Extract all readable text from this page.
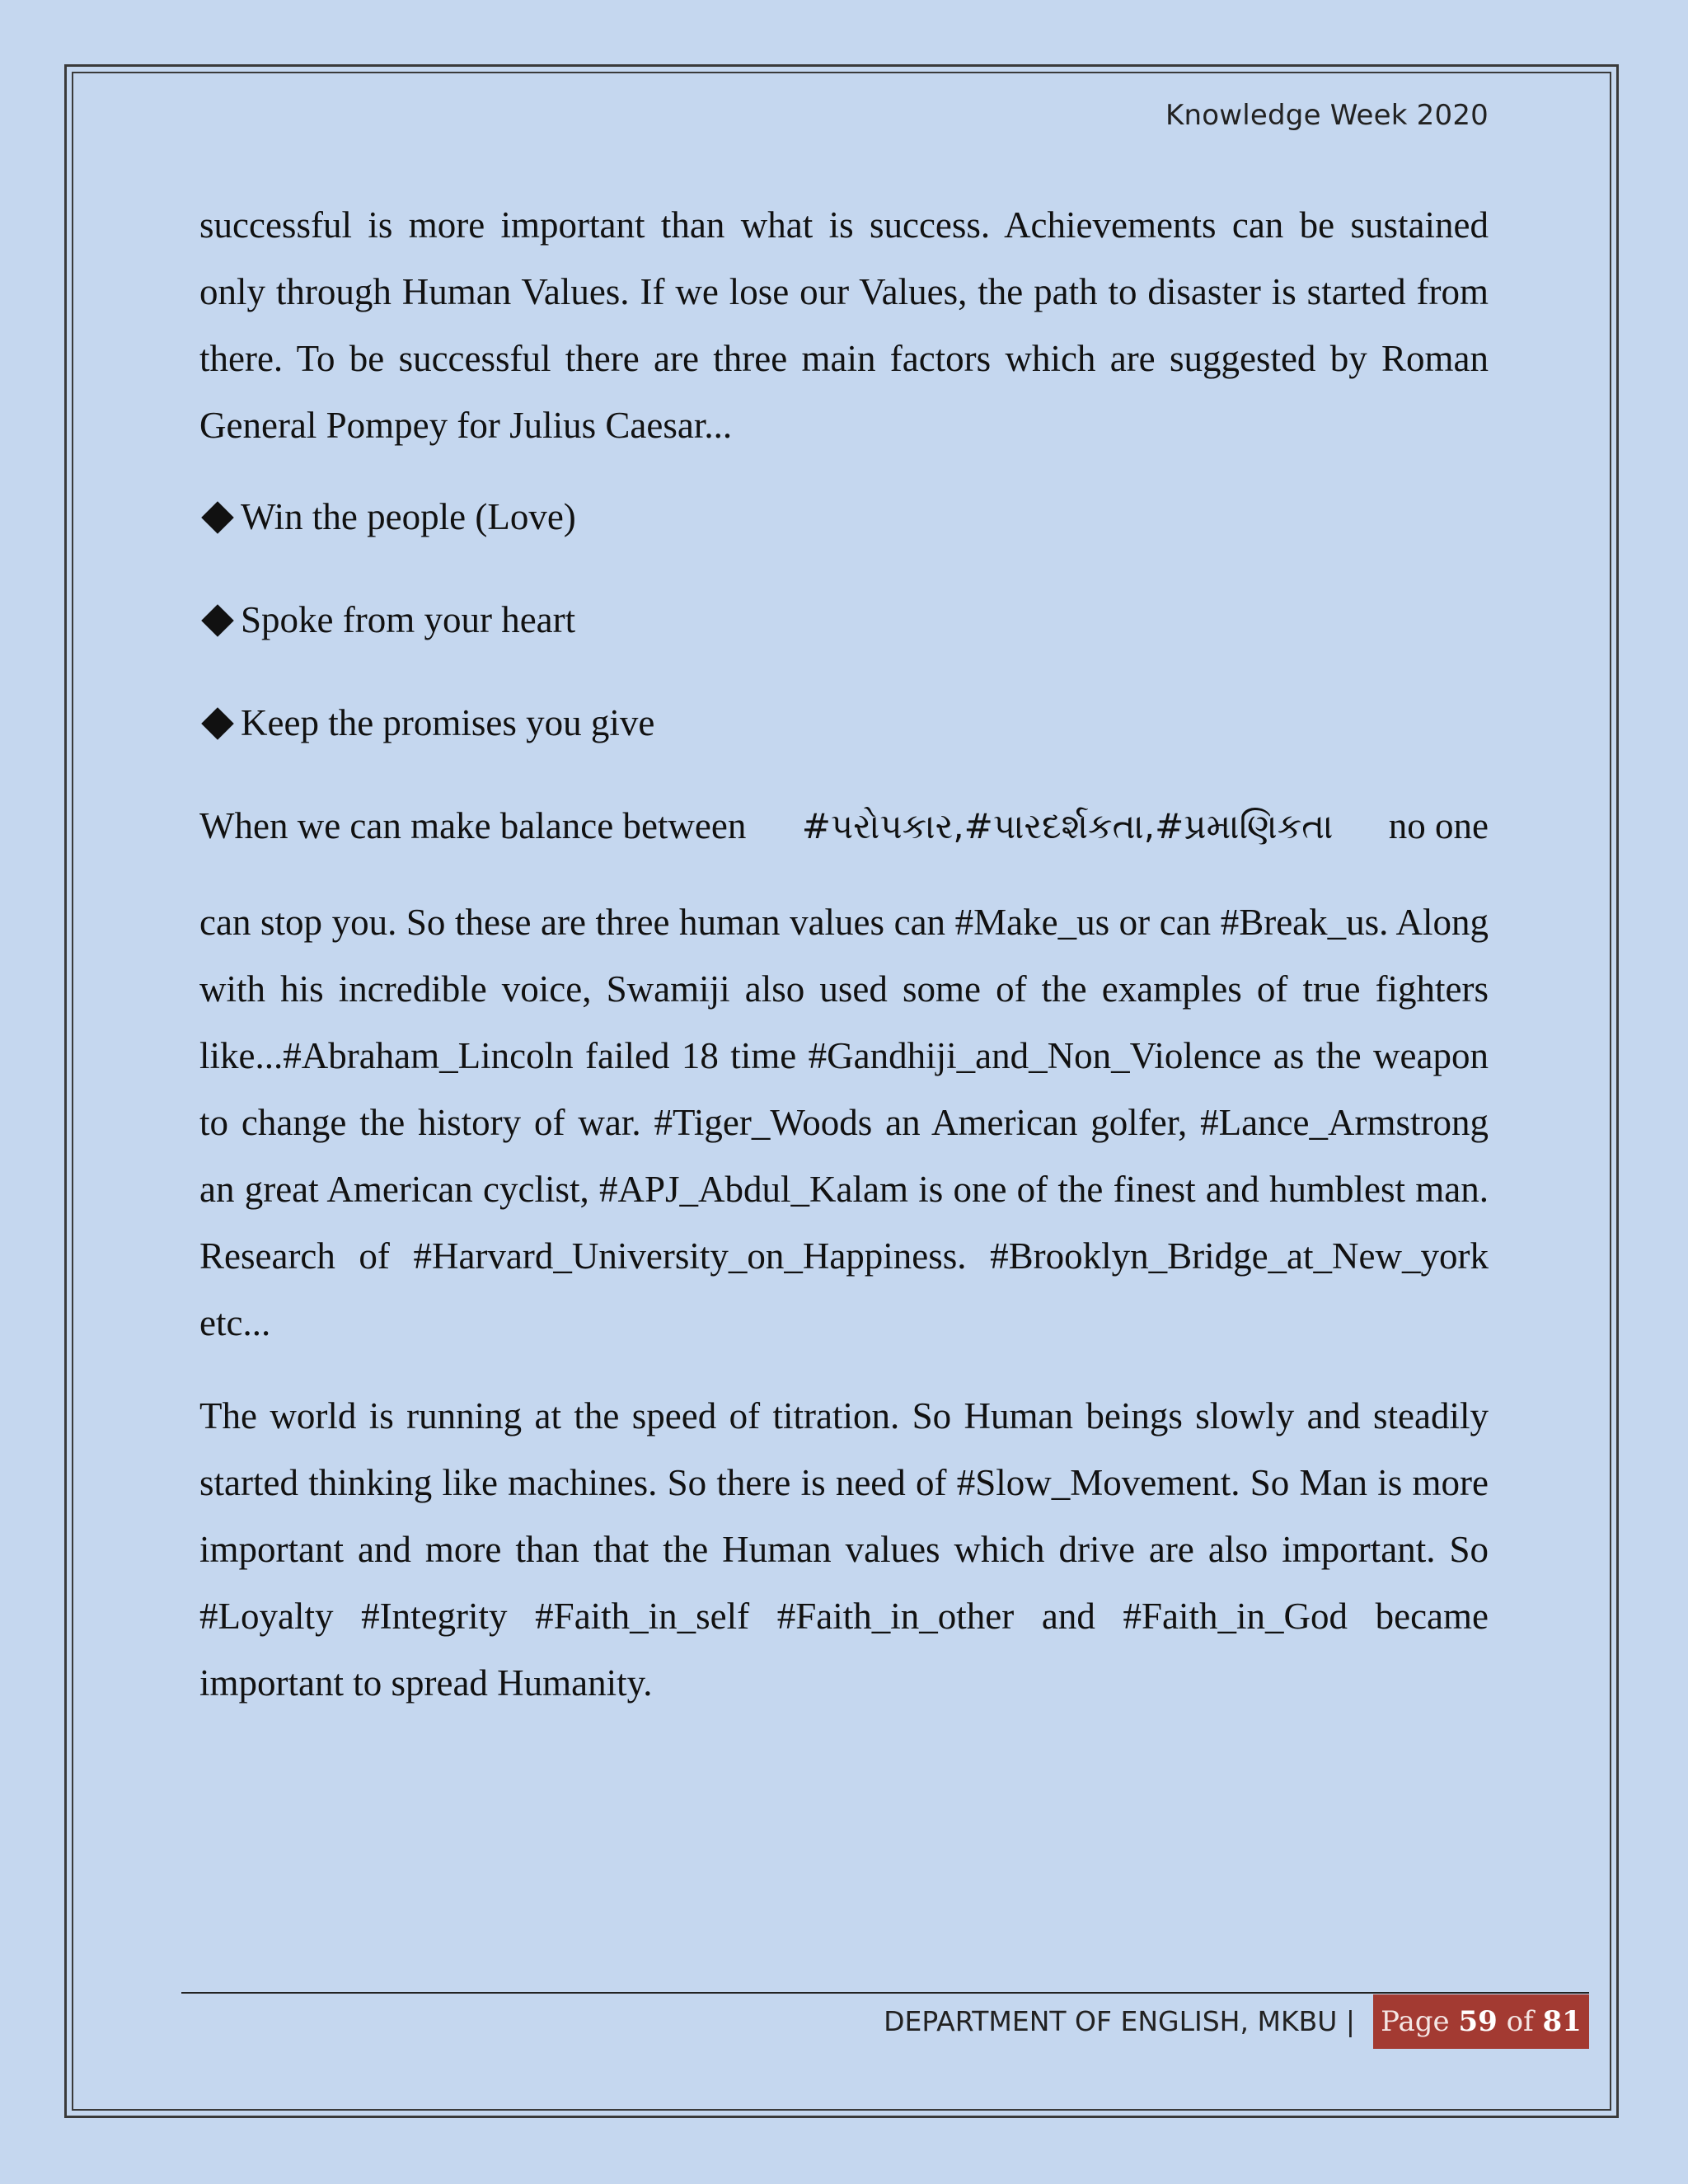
Knowledge Week 2020

successful is more important than what is success. Achievements can be sustained only through Human Values. If we lose our Values, the path to disaster is started from there. To be successful there are three main factors which are suggested by Roman General Pompey for Julius Caesar...

Win the people (Love)
Spoke from your heart
Keep the promises you give

When we can make balance between #પરોપકાર,#પારદર્શકતા,#પ્રમાણિકતા no one

can stop you. So these are three human values can #Make_us or can #Break_us. Along with his incredible voice, Swamiji also used some of the examples of true fighters like...#Abraham_Lincoln failed 18 time #Gandhiji_and_Non_Violence as the weapon to change the history of war. #Tiger_Woods an American golfer, #Lance_Armstrong an great American cyclist, #APJ_Abdul_Kalam is one of the finest and humblest man. Research of #Harvard_University_on_Happiness. #Brooklyn_Bridge_at_New_york etc...

The world is running at the speed of titration. So Human beings slowly and steadily started thinking like machines. So there is need of #Slow_Movement. So Man is more important and more than that the Human values which drive are also important. So #Loyalty #Integrity #Faith_in_self #Faith_in_other and #Faith_in_God became important to spread Humanity.

DEPARTMENT OF ENGLISH, MKBU | Page 59 of 81
